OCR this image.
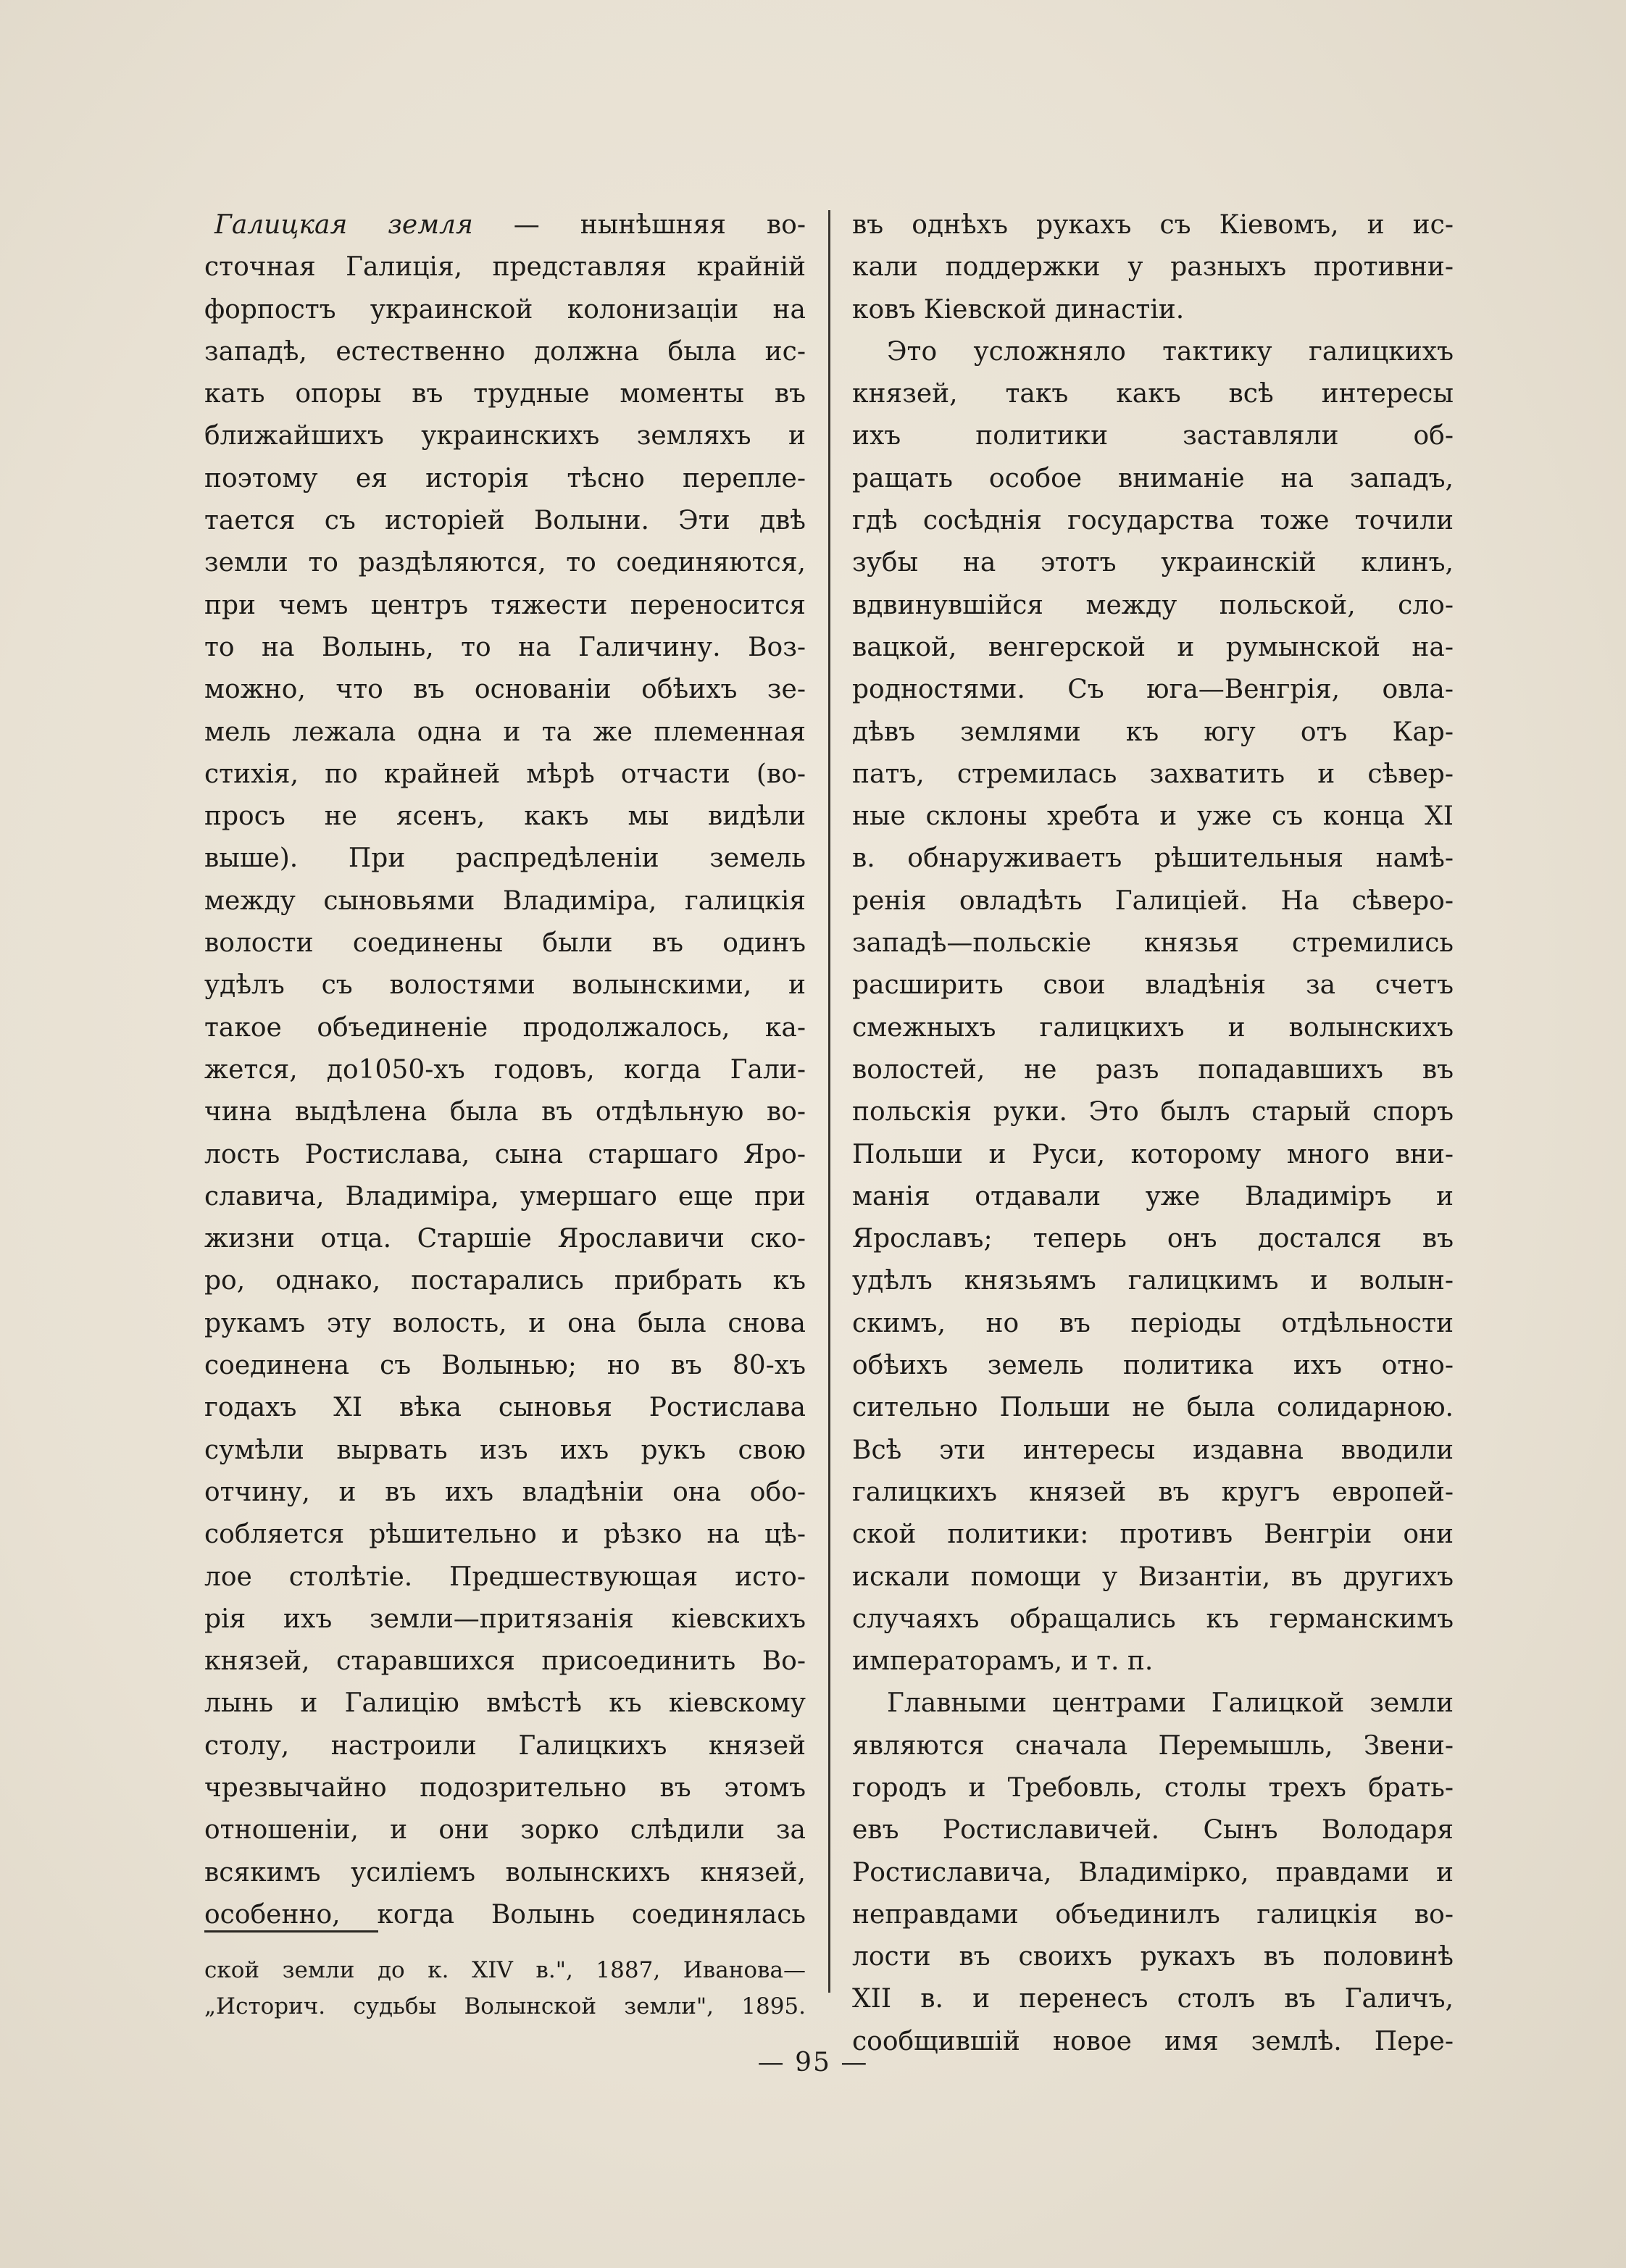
Галицкая земля — нынѣшняя во-
сточная Галиція, представляя крайній
форпостъ украинской колонизаціи на
западѣ, естественно должна была ис-
кать опоры въ трудные моменты въ
ближайшихъ украинскихъ земляхъ и
поэтому ея исторія тѣсно перепле-
тается съ исторіей Волыни. Эти двѣ
земли то раздѣляются, то соединяются,
при чемъ центръ тяжести переносится
то на Волынь, то на Галичину. Воз-
можно, что въ основаніи обѣихъ зе-
мель лежала одна и та же племенная
стихія, по крайней мѣрѣ отчасти (во-
просъ не ясенъ, какъ мы видѣли
выше). При распредѣленіи земель
между сыновьями Владиміра, галицкія
волости соединены были въ одинъ
удѣлъ съ волостями волынскими, и
такое объединеніе продолжалось, ка-
жется, до1050-хъ годовъ, когда Гали-
чина выдѣлена была въ отдѣльную во-
лость Ростислава, сына старшаго Яро-
славича, Владиміра, умершаго еще при
жизни отца. Старшіе Ярославичи ско-
ро, однако, постарались прибрать къ
рукамъ эту волость, и она была снова
соединена съ Волынью; но въ 80-хъ
годахъ XI вѣка сыновья Ростислава
сумѣли вырвать изъ ихъ рукъ свою
отчину, и въ ихъ владѣніи она обо-
собляется рѣшительно и рѣзко на цѣ-
лое столѣтіе. Предшествующая исто-
рія ихъ земли—притязанія кіевскихъ
князей, старавшихся присоединить Во-
лынь и Галицію вмѣстѣ къ кіевскому
столу, настроили Галицкихъ князей
чрезвычайно подозрительно въ этомъ
отношеніи, и они зорко слѣдили за
всякимъ усиліемъ волынскихъ князей,
особенно, когда Волынь соединялась
въ однѣхъ рукахъ съ Кіевомъ, и ис-
кали поддержки у разныхъ противни-
ковъ Кіевской династіи.
Это усложняло тактику галицкихъ
князей, такъ какъ всѣ интересы
ихъ политики заставляли об-
ращать особое вниманіе на западъ,
гдѣ сосѣднія государства тоже точили
зубы на этотъ украинскій клинъ,
вдвинувшійся между польской, сло-
вацкой, венгерской и румынской на-
родностями. Съ юга—Венгрія, овла-
дѣвъ землями къ югу отъ Кар-
патъ, стремилась захватить и сѣвер-
ные склоны хребта и уже съ конца XI
в. обнаруживаетъ рѣшительныя намѣ-
ренія овладѣть Галиціей. На сѣверо-
западѣ—польскіе князья стремились
расширить свои владѣнія за счетъ
смежныхъ галицкихъ и волынскихъ
волостей, не разъ попадавшихъ въ
польскія руки. Это былъ старый споръ
Польши и Руси, которому много вни-
манія отдавали уже Владиміръ и
Ярославъ; теперь онъ достался въ
удѣлъ князьямъ галицкимъ и волын-
скимъ, но въ періоды отдѣльности
обѣихъ земель политика ихъ отно-
сительно Польши не была солидарною.
Всѣ эти интересы издавна вводили
галицкихъ князей въ кругъ европей-
ской политики: противъ Венгріи они
искали помощи у Византіи, въ другихъ
случаяхъ обращались къ германскимъ
императорамъ, и т. п.
Главными центрами Галицкой земли
являются сначала Перемышль, Звени-
городъ и Требовль, столы трехъ брать-
евъ Ростиславичей. Сынъ Володаря
Ростиславича, Владимірко, правдами и
неправдами объединилъ галицкія во-
лости въ своихъ рукахъ въ половинѣ
XII в. и перенесъ столъ въ Галичъ,
сообщившій новое имя землѣ. Пере-
ской земли до к. XIV в.", 1887, Иванова—
„Историч. судьбы Волынской земли", 1895.
— 95 —
